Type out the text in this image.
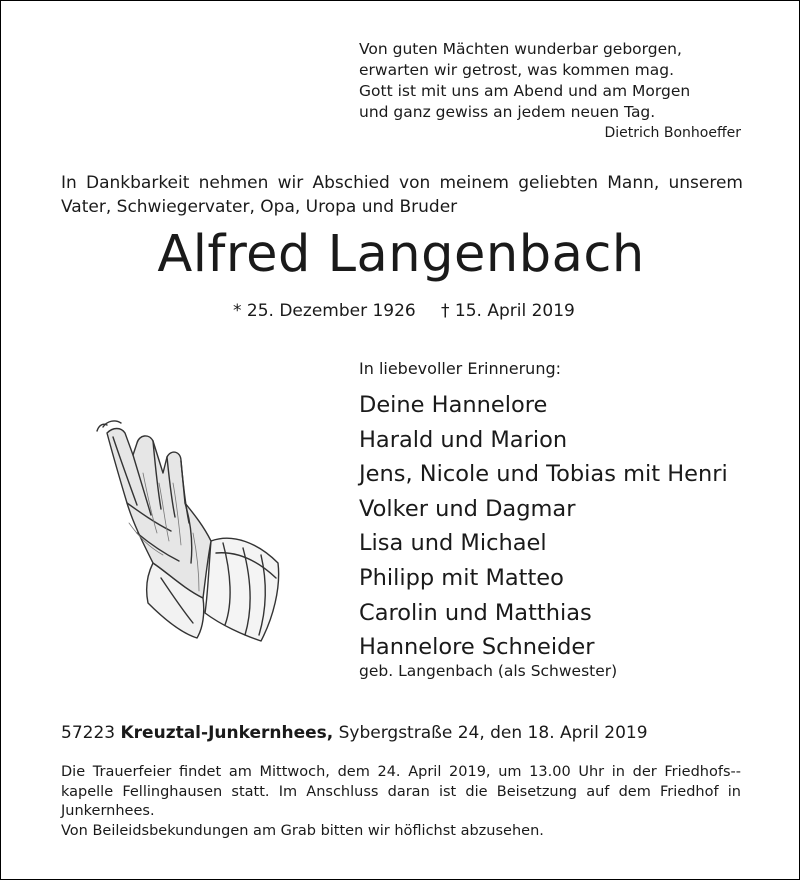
Von guten Mächten wunderbar geborgen,
erwarten wir getrost, was kommen mag.
Gott ist mit uns am Abend und am Morgen
und ganz gewiss an jedem neuen Tag.
Dietrich Bonhoeffer
In Dankbarkeit nehmen wir Abschied von meinem geliebten Mann, unserem Vater, Schwiegervater, Opa, Uropa und Bruder
Alfred Langenbach
* 25. Dezember 1926 † 15. April 2019
In liebevoller Erinnerung:
Deine Hannelore
Harald und Marion
Jens, Nicole und Tobias mit Henri
Volker und Dagmar
Lisa und Michael
Philipp mit Matteo
Carolin und Matthias
Hannelore Schneider
geb. Langenbach (als Schwester)
57223 Kreuztal-Junkernhees, Sybergstraße 24, den 18. April 2019
Die Trauerfeier findet am Mittwoch, dem 24. April 2019, um 13.00 Uhr in der Friedhofs-kapelle Fellinghausen statt. Im Anschluss daran ist die Beisetzung auf dem Friedhof in Junkernhees.
Von Beileidsbekundungen am Grab bitten wir höflichst abzusehen.
